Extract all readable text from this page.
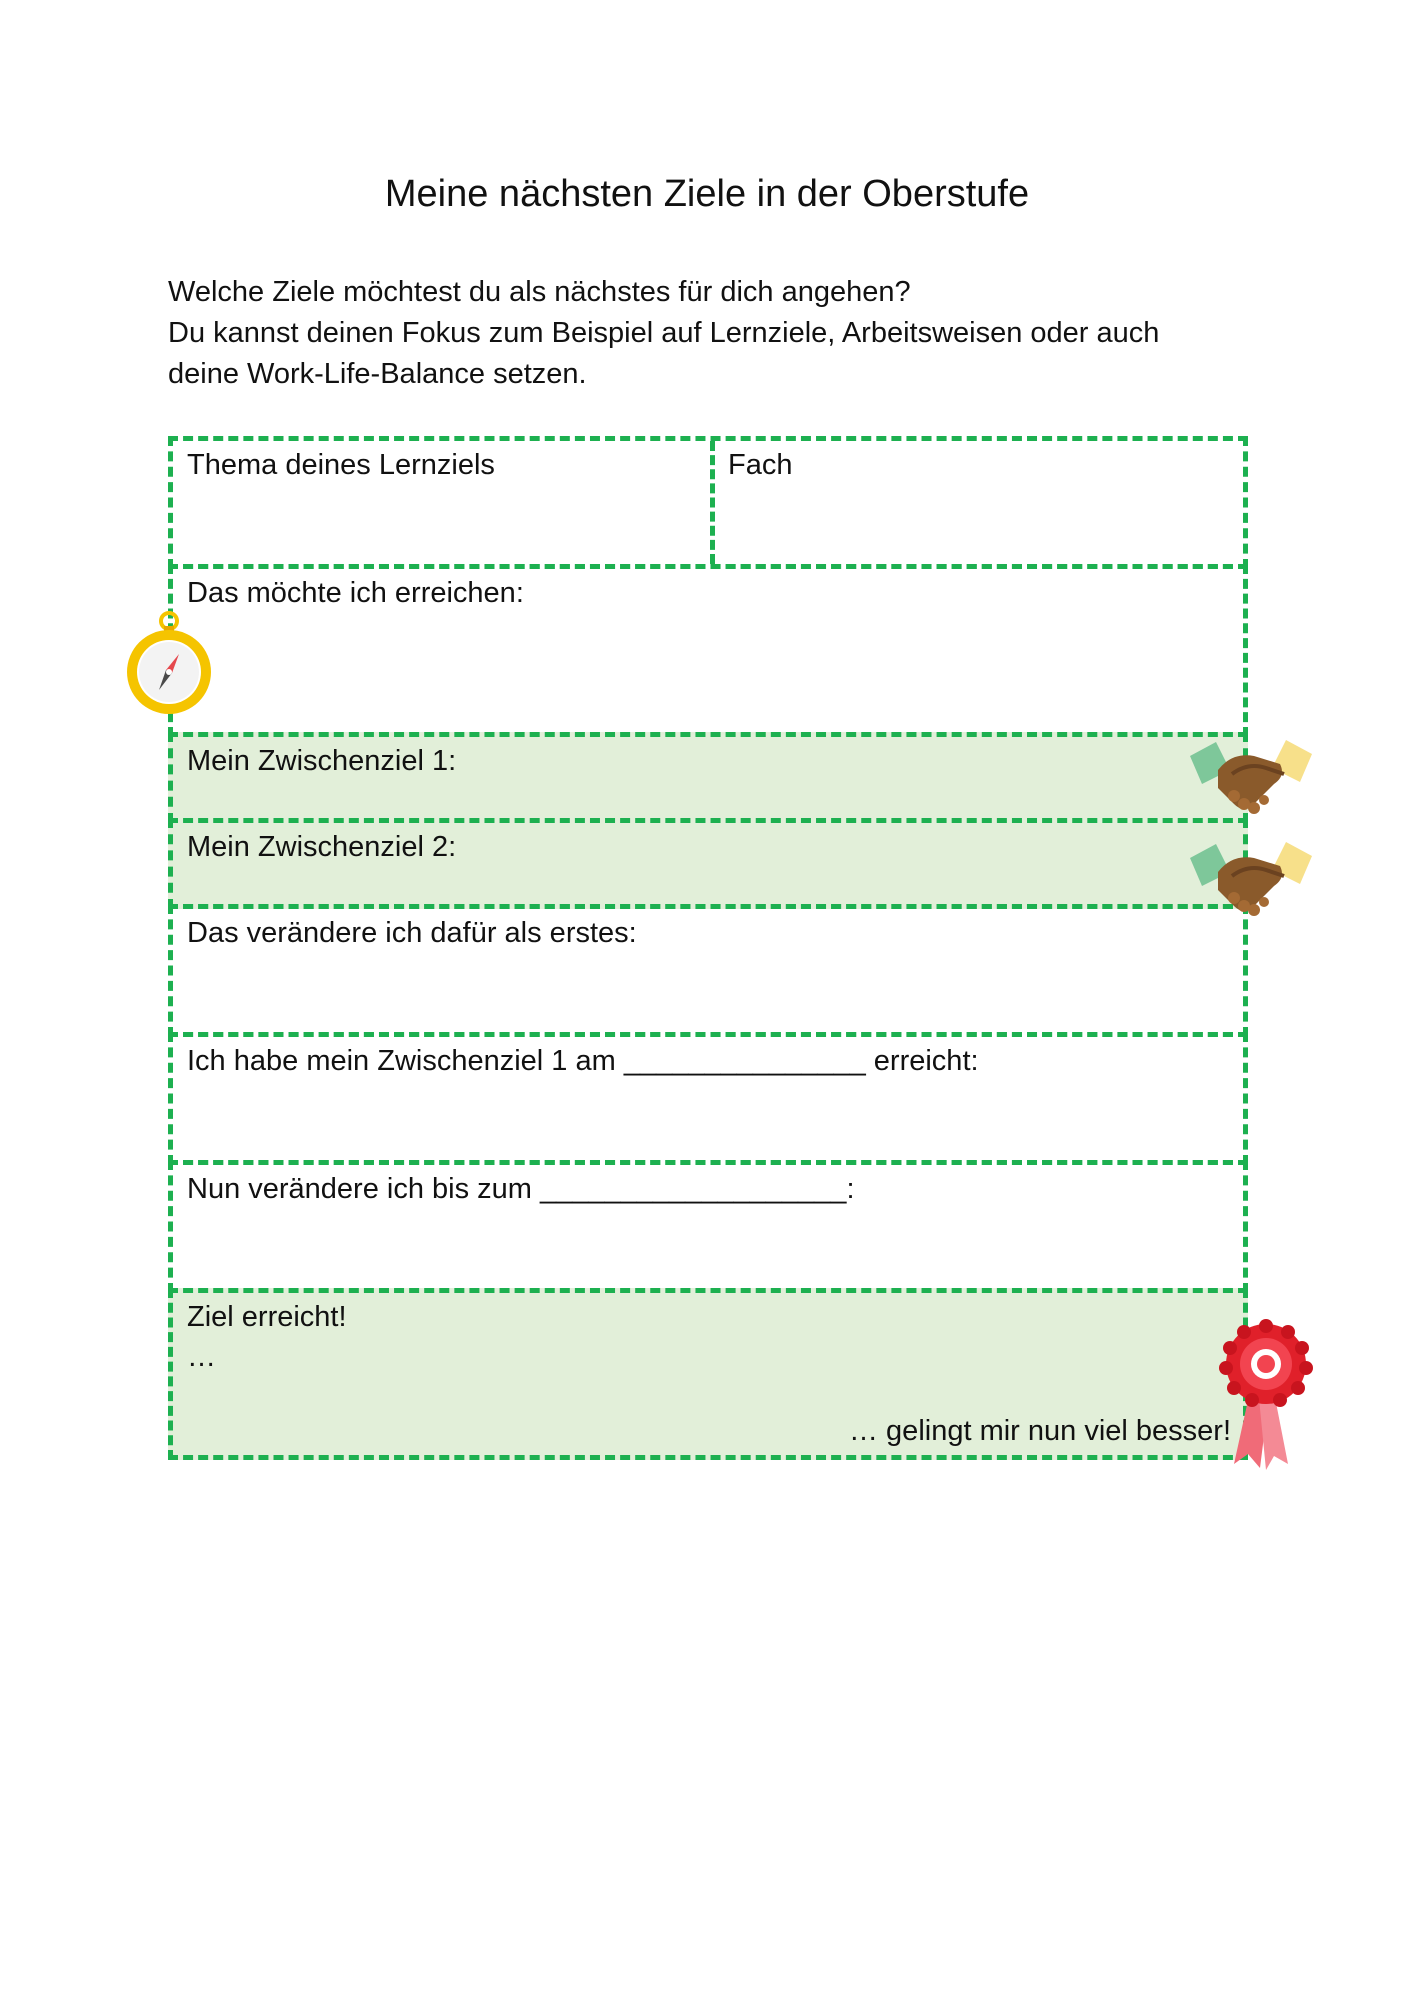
Meine nächsten Ziele in der Oberstufe
Welche Ziele möchtest du als nächstes für dich angehen?
Du kannst deinen Fokus zum Beispiel auf Lernziele, Arbeitsweisen oder auch
deine Work-Life-Balance setzen.
Thema deines Lernziels	Fach
Das möchte ich erreichen:
Mein Zwischenziel 1:
Mein Zwischenziel 2:
Das verändere ich dafür als erstes:
Ich habe mein Zwischenziel 1 am _______________ erreicht:
Nun verändere ich bis zum ___________________:
Ziel erreicht!
…
… gelingt mir nun viel besser!
